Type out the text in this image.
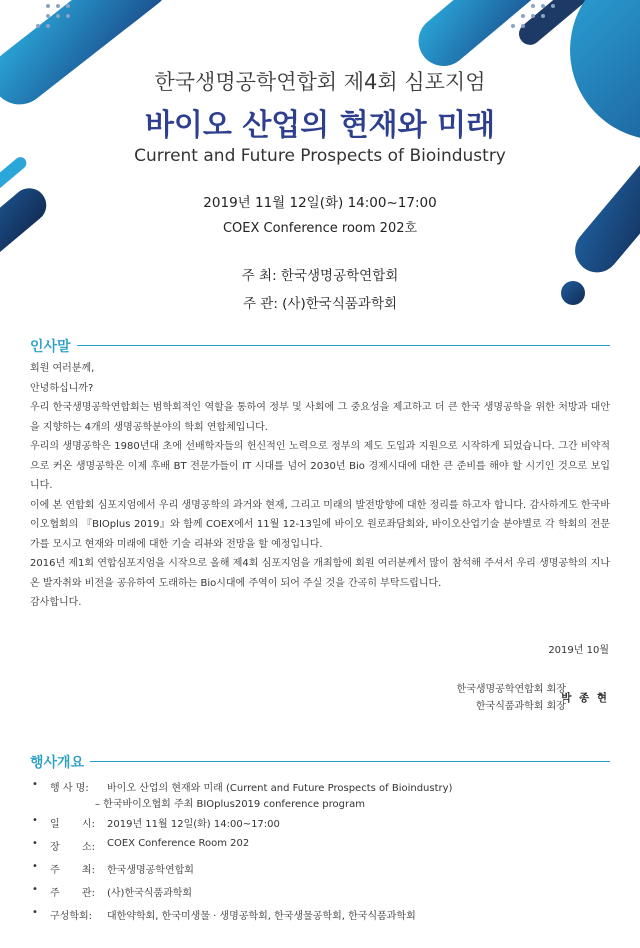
한국생명공학연합회 제4회 심포지엄
바이오 산업의 현재와 미래
Current and Future Prospects of Bioindustry
2019년 11월 12일(화) 14:00~17:00
COEX Conference room 202호
주 최: 한국생명공학연합회
주 관: (사)한국식품과학회
인사말

회원 여러분께,

안녕하십니까?

우리 한국생명공학연합회는 범학회적인 역할을 통하여 정부 및 사회에 그 중요성을 제고하고 더 큰 한국 생명공학을 위한 처방과 대안을 지향하는 4개의 생명공학분야의 학회 연합체입니다.

우리의 생명공학은 1980년대 초에 선배학자들의 헌신적인 노력으로 정부의 제도 도입과 지원으로 시작하게 되었습니다. 그간 비약적으로 커온 생명공학은 이제 후배 BT 전문가들이 IT 시대를 넘어 2030년 Bio 경제시대에 대한 큰 준비를 해야 할 시기인 것으로 보입니다.

이에 본 연합회 심포지엄에서 우리 생명공학의 과거와 현재, 그리고 미래의 발전방향에 대한 정리를 하고자 합니다. 감사하게도 한국바이오협회의 『BIOplus 2019』와 함께 COEX에서 11월 12-13일에 바이오 원로좌담회와, 바이오산업기술 분야별로 각 학회의 전문가를 모시고 현재와 미래에 대한 기술 리뷰와 전망을 할 예정입니다.

2016년 제1회 연합심포지엄을 시작으로 올해 제4회 심포지엄을 개최함에 회원 여러분께서 많이 참석해 주셔서 우리 생명공학의 지나온 발자취와 비전을 공유하여 도래하는 Bio시대에 주역이 되어 주실 것을 간곡히 부탁드립니다.

감사합니다.

2019년 10월
한국생명공학연합회 회장
한국식품과학회 회장
박 종 현
행사개요
• 행 사 명:	바이오 산업의 현재와 미래 (Current and Future Prospects of Bioindustry)
– 한국바이오협회 주최 BIOplus2019 conference program
• 일       시:	2019년 11월 12일(화) 14:00~17:00
• 장       소:	COEX Conference Room 202
• 주       최:	한국생명공학연합회
• 주       관:	(사)한국식품과학회
• 구성학회:	대한약학회, 한국미생물 · 생명공학회, 한국생물공학회, 한국식품과학회
